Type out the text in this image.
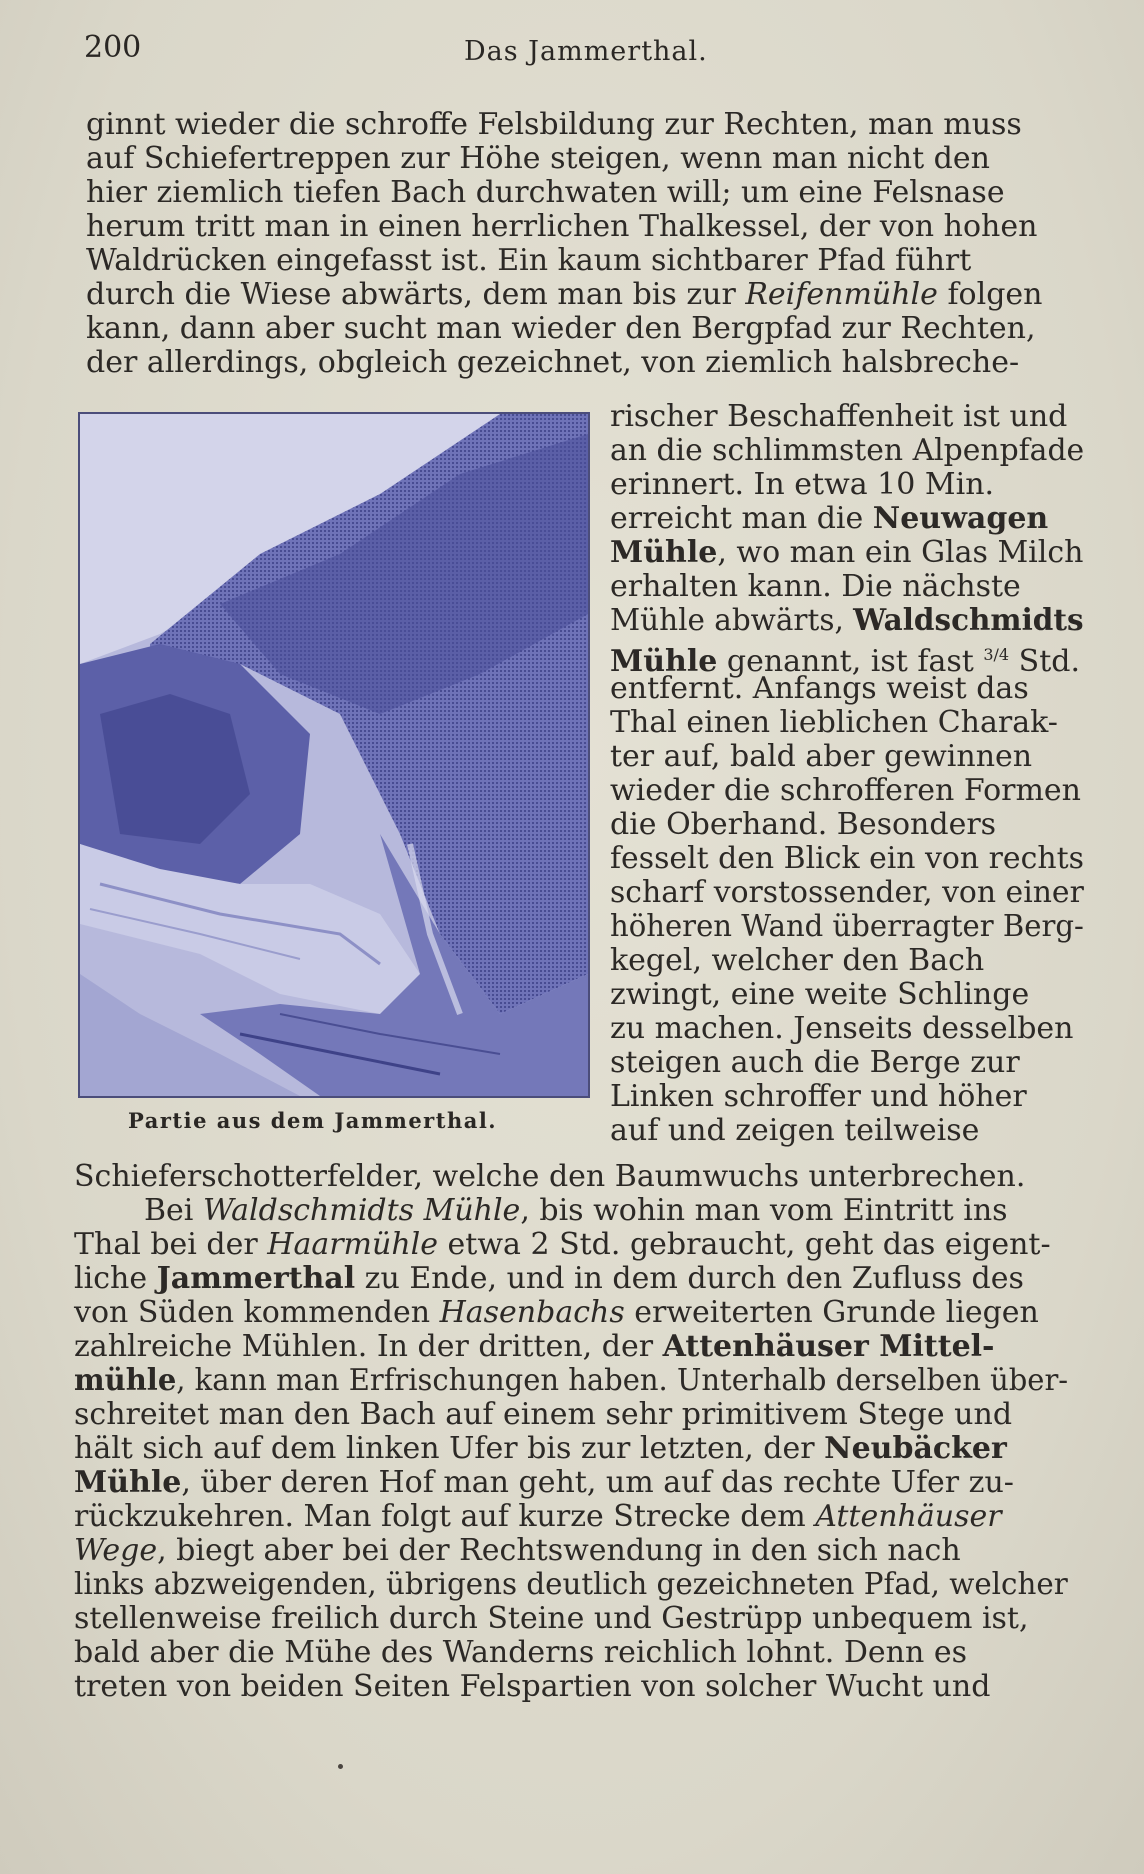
200	Das Jammerthal.
ginnt wieder die schroffe Felsbildung zur Rechten, man muss
auf Schiefertreppen zur Höhe steigen, wenn man nicht den
hier ziemlich tiefen Bach durchwaten will; um eine Felsnase
herum tritt man in einen herrlichen Thalkessel, der von hohen
Waldrücken eingefasst ist. Ein kaum sichtbarer Pfad führt
durch die Wiese abwärts, dem man bis zur Reifenmühle folgen
kann, dann aber sucht man wieder den Bergpfad zur Rechten,
der allerdings, obgleich gezeichnet, von ziemlich halsbreche-
Partie aus dem Jammerthal.
rischer Beschaffenheit ist und
an die schlimmsten Alpenpfade
erinnert. In etwa 10 Min.
erreicht man die Neuwagen
Mühle, wo man ein Glas Milch
erhalten kann. Die nächste
Mühle abwärts, Waldschmidts
Mühle genannt, ist fast $^{3/4}$ Std.
entfernt. Anfangs weist das
Thal einen lieblichen Charak-
ter auf, bald aber gewinnen
wieder die schrofferen Formen
die Oberhand. Besonders
fesselt den Blick ein von rechts
scharf vorstossender, von einer
höheren Wand überragter Berg-
kegel, welcher den Bach
zwingt, eine weite Schlinge
zu machen. Jenseits desselben
steigen auch die Berge zur
Linken schroffer und höher
auf und zeigen teilweise
Schieferschotterfelder, welche den Baumwuchs unterbrechen.
Bei Waldschmidts Mühle, bis wohin man vom Eintritt ins
Thal bei der Haarmühle etwa 2 Std. gebraucht, geht das eigent-
liche Jammerthal zu Ende, und in dem durch den Zufluss des
von Süden kommenden Hasenbachs erweiterten Grunde liegen
zahlreiche Mühlen. In der dritten, der Attenhäuser Mittel-
mühle, kann man Erfrischungen haben. Unterhalb derselben über-
schreitet man den Bach auf einem sehr primitivem Stege und
hält sich auf dem linken Ufer bis zur letzten, der Neubäcker
Mühle, über deren Hof man geht, um auf das rechte Ufer zu-
rückzukehren. Man folgt auf kurze Strecke dem Attenhäuser
Wege, biegt aber bei der Rechtswendung in den sich nach
links abzweigenden, übrigens deutlich gezeichneten Pfad, welcher
stellenweise freilich durch Steine und Gestrüpp unbequem ist,
bald aber die Mühe des Wanderns reichlich lohnt. Denn es
treten von beiden Seiten Felspartien von solcher Wucht und
